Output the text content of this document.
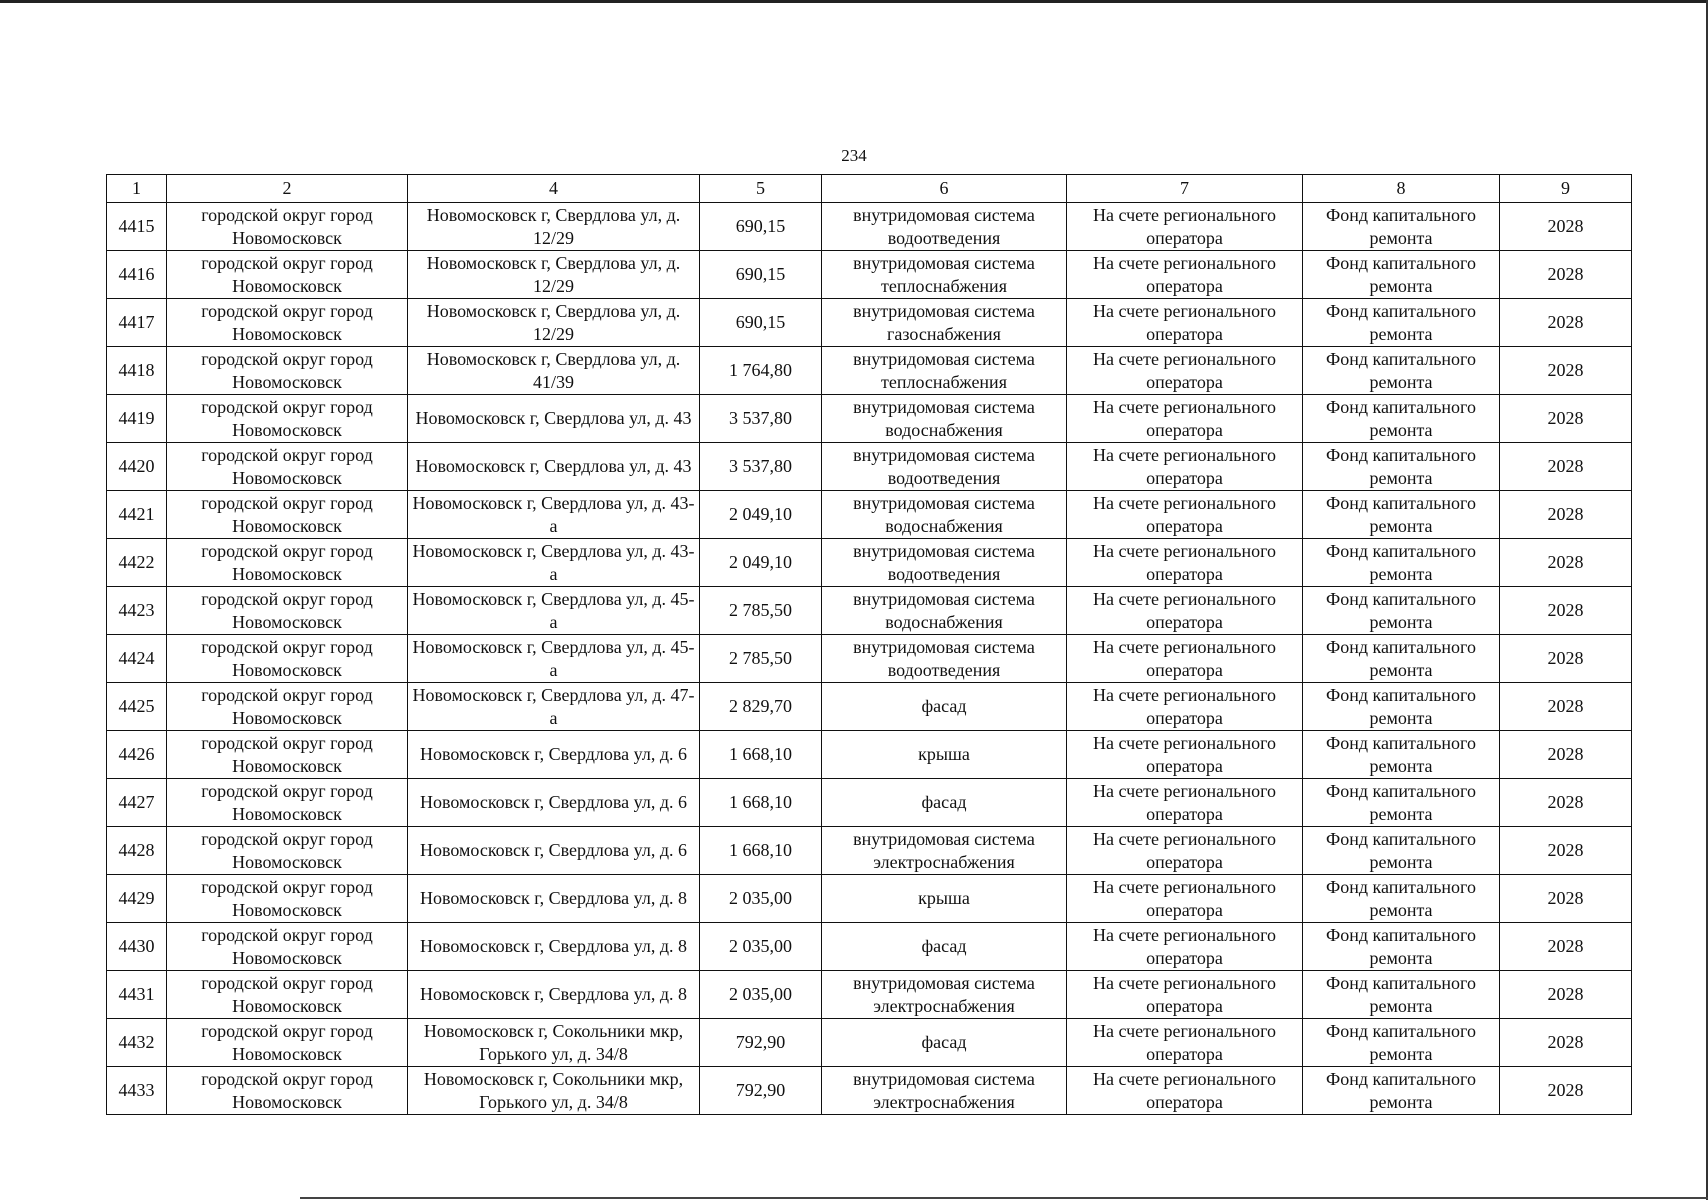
234
1	2	4	5	6	7	8	9
4415	городской округ город Новомосковск	Новомосковск г, Свердлова ул, д. 12/29	690,15	внутридомовая система водоотведения	На счете регионального оператора	Фонд капитального ремонта	2028
4416	городской округ город Новомосковск	Новомосковск г, Свердлова ул, д. 12/29	690,15	внутридомовая система теплоснабжения	На счете регионального оператора	Фонд капитального ремонта	2028
4417	городской округ город Новомосковск	Новомосковск г, Свердлова ул, д. 12/29	690,15	внутридомовая система газоснабжения	На счете регионального оператора	Фонд капитального ремонта	2028
4418	городской округ город Новомосковск	Новомосковск г, Свердлова ул, д. 41/39	1 764,80	внутридомовая система теплоснабжения	На счете регионального оператора	Фонд капитального ремонта	2028
4419	городской округ город Новомосковск	Новомосковск г, Свердлова ул, д. 43	3 537,80	внутридомовая система водоснабжения	На счете регионального оператора	Фонд капитального ремонта	2028
4420	городской округ город Новомосковск	Новомосковск г, Свердлова ул, д. 43	3 537,80	внутридомовая система водоотведения	На счете регионального оператора	Фонд капитального ремонта	2028
4421	городской округ город Новомосковск	Новомосковск г, Свердлова ул, д. 43-а	2 049,10	внутридомовая система водоснабжения	На счете регионального оператора	Фонд капитального ремонта	2028
4422	городской округ город Новомосковск	Новомосковск г, Свердлова ул, д. 43-а	2 049,10	внутридомовая система водоотведения	На счете регионального оператора	Фонд капитального ремонта	2028
4423	городской округ город Новомосковск	Новомосковск г, Свердлова ул, д. 45-а	2 785,50	внутридомовая система водоснабжения	На счете регионального оператора	Фонд капитального ремонта	2028
4424	городской округ город Новомосковск	Новомосковск г, Свердлова ул, д. 45-а	2 785,50	внутридомовая система водоотведения	На счете регионального оператора	Фонд капитального ремонта	2028
4425	городской округ город Новомосковск	Новомосковск г, Свердлова ул, д. 47-а	2 829,70	фасад	На счете регионального оператора	Фонд капитального ремонта	2028
4426	городской округ город Новомосковск	Новомосковск г, Свердлова ул, д. 6	1 668,10	крыша	На счете регионального оператора	Фонд капитального ремонта	2028
4427	городской округ город Новомосковск	Новомосковск г, Свердлова ул, д. 6	1 668,10	фасад	На счете регионального оператора	Фонд капитального ремонта	2028
4428	городской округ город Новомосковск	Новомосковск г, Свердлова ул, д. 6	1 668,10	внутридомовая система электроснабжения	На счете регионального оператора	Фонд капитального ремонта	2028
4429	городской округ город Новомосковск	Новомосковск г, Свердлова ул, д. 8	2 035,00	крыша	На счете регионального оператора	Фонд капитального ремонта	2028
4430	городской округ город Новомосковск	Новомосковск г, Свердлова ул, д. 8	2 035,00	фасад	На счете регионального оператора	Фонд капитального ремонта	2028
4431	городской округ город Новомосковск	Новомосковск г, Свердлова ул, д. 8	2 035,00	внутридомовая система электроснабжения	На счете регионального оператора	Фонд капитального ремонта	2028
4432	городской округ город Новомосковск	Новомосковск г, Сокольники мкр, Горького ул, д. 34/8	792,90	фасад	На счете регионального оператора	Фонд капитального ремонта	2028
4433	городской округ город Новомосковск	Новомосковск г, Сокольники мкр, Горького ул, д. 34/8	792,90	внутридомовая система электроснабжения	На счете регионального оператора	Фонд капитального ремонта	2028
